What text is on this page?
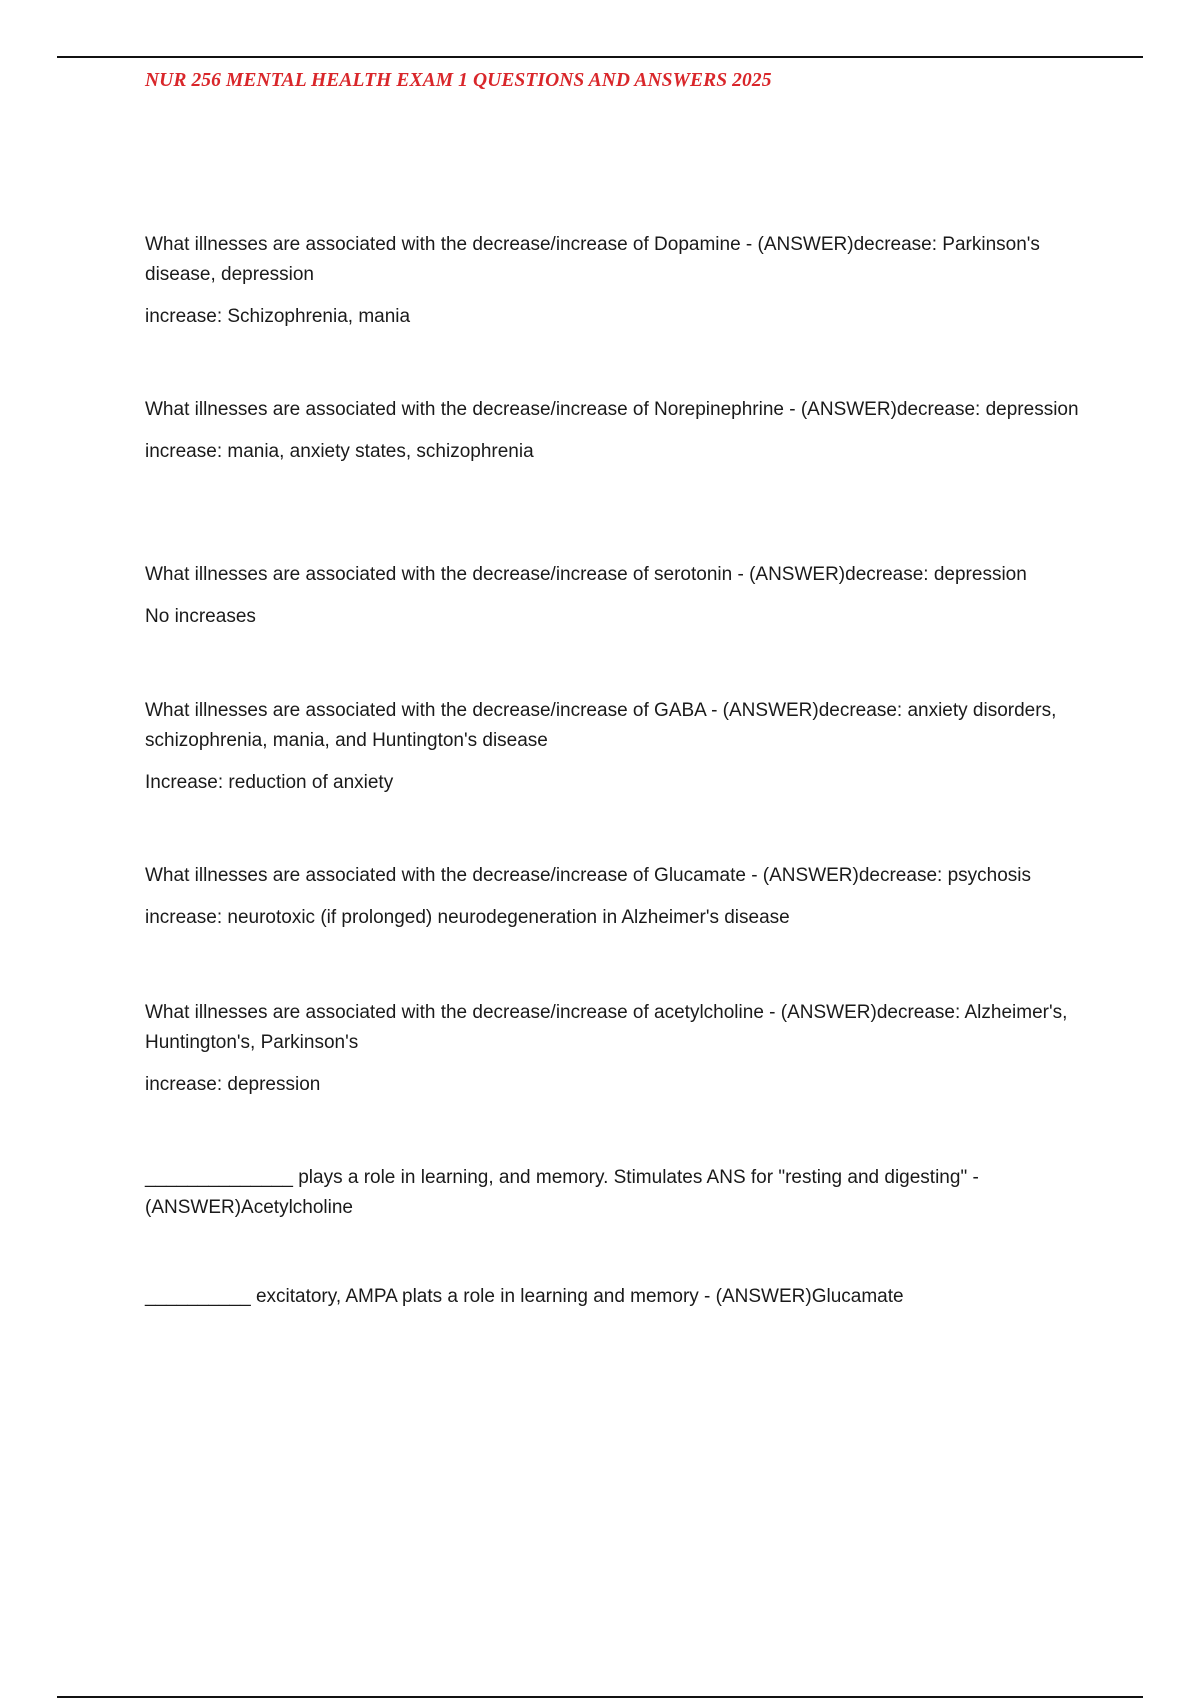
NUR 256 MENTAL HEALTH EXAM 1 QUESTIONS AND ANSWERS 2025

What illnesses are associated with the decrease/increase of Dopamine - (ANSWER)decrease: Parkinson's disease, depression

increase: Schizophrenia, mania

What illnesses are associated with the decrease/increase of Norepinephrine - (ANSWER)decrease: depression

increase: mania, anxiety states, schizophrenia

What illnesses are associated with the decrease/increase of serotonin - (ANSWER)decrease: depression

No increases

What illnesses are associated with the decrease/increase of GABA - (ANSWER)decrease: anxiety disorders, schizophrenia, mania, and Huntington's disease

Increase: reduction of anxiety

What illnesses are associated with the decrease/increase of Glucamate - (ANSWER)decrease: psychosis

increase: neurotoxic (if prolonged) neurodegeneration in Alzheimer's disease

What illnesses are associated with the decrease/increase of acetylcholine - (ANSWER)decrease: Alzheimer's, Huntington's, Parkinson's

increase: depression

______________ plays a role in learning, and memory. Stimulates ANS for "resting and digesting" - (ANSWER)Acetylcholine

__________ excitatory, AMPA plats a role in learning and memory - (ANSWER)Glucamate
